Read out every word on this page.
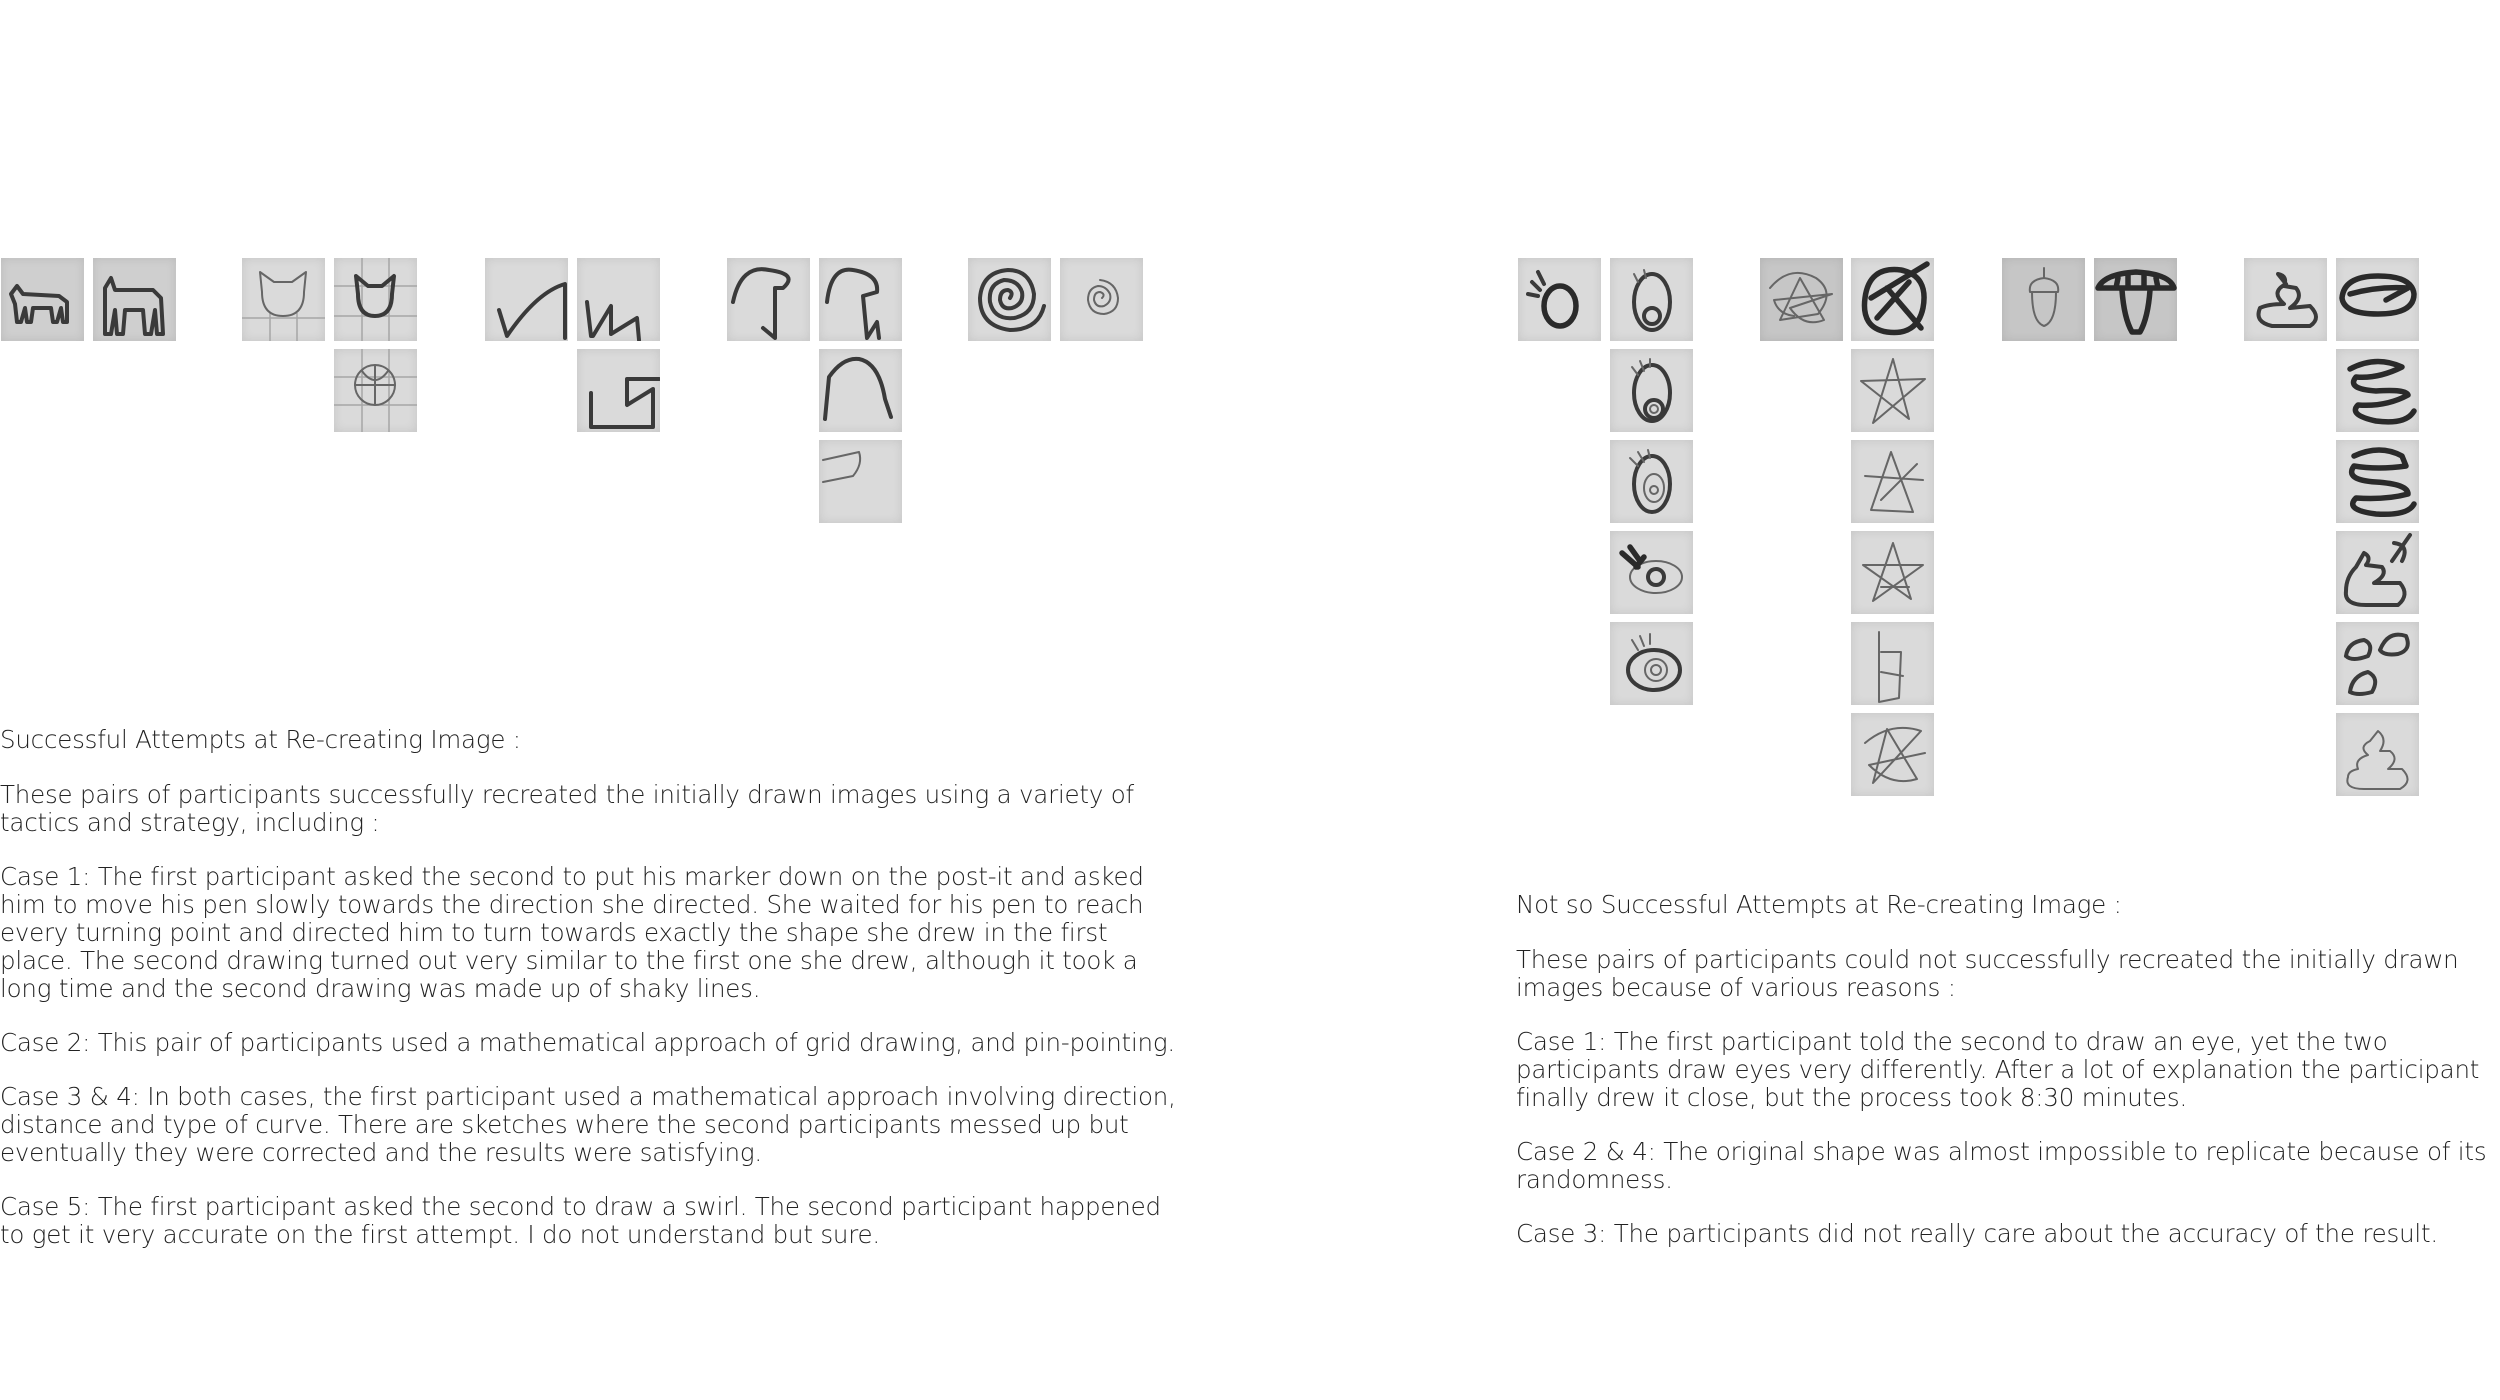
Successful Attempts at Re-creating Image :

These pairs of participants successfully recreated the initially drawn images using a variety of tactics and strategy, including :

Case 1: The first participant asked the second to put his marker down on the post-it and asked him to move his pen slowly towards the direction she directed. She waited for his pen to reach every turning point and directed him to turn towards exactly the shape she drew in the first place. The second drawing turned out very similar to the first one she drew, although it took a long time and the second drawing was made up of shaky lines.

Case 2: This pair of participants used a mathematical approach of grid drawing, and pin-pointing.

Case 3 & 4: In both cases, the first participant used a mathematical approach involving direction, distance and type of curve. There are sketches where the second participants messed up but eventually they were corrected and the results were satisfying.

Case 5: The first participant asked the second to draw a swirl. The second participant happened to get it very accurate on the first attempt. I do not understand but sure.

Not so Successful Attempts at Re-creating Image :

These pairs of participants could not successfully recreated the initially drawn images because of various reasons :

Case 1: The first participant told the second to draw an eye, yet the two participants draw eyes very differently. After a lot of explanation the participant finally drew it close, but the process took 8:30 minutes.

Case 2 & 4: The original shape was almost impossible to replicate because of its randomness.

Case 3: The participants did not really care about the accuracy of the result.
